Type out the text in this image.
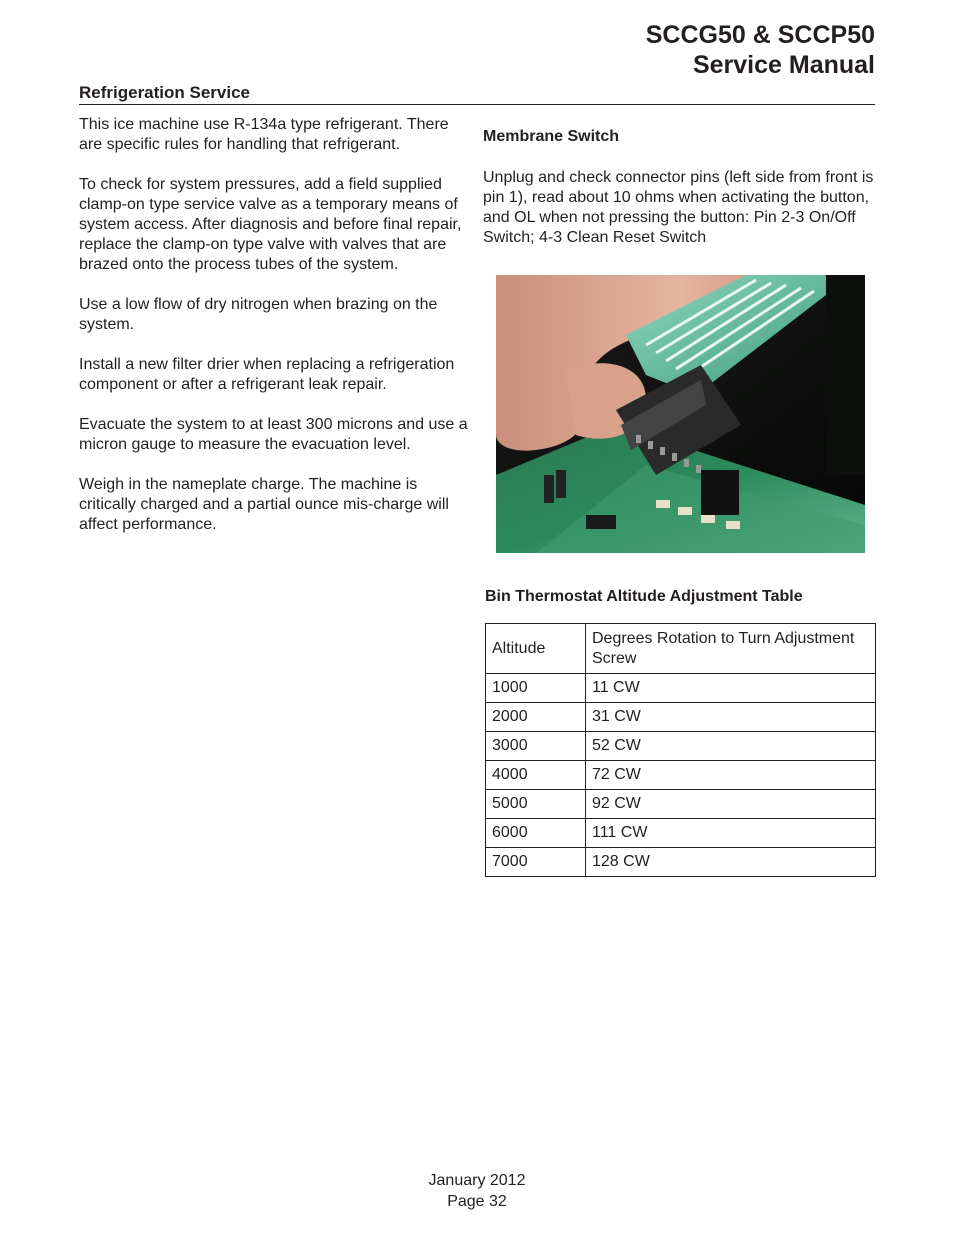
SCCG50 & SCCP50
Service Manual
Refrigeration Service

This ice machine use R-134a type refrigerant. There are specific rules for handling that refrigerant.

To check for system pressures, add a field supplied clamp-on type service valve as a temporary means of system access. After diagnosis and before final repair, replace the clamp-on type valve with valves that are brazed onto the process tubes of the system.

Use a low flow of dry nitrogen when brazing on the system.

Install a new filter drier when replacing a refrigeration component or after a refrigerant leak repair.

Evacuate the system to at least 300 microns and use a micron gauge to measure the evacuation level.

Weigh in the nameplate charge. The machine is critically charged and a partial ounce mis-charge will affect performance.

Membrane Switch

Unplug and check connector pins (left side from front is pin 1), read about 10 ohms when activating the button, and OL when not pressing the button: Pin 2-3 On/Off Switch; 4-3 Clean Reset Switch

Bin Thermostat Altitude Adjustment Table
Altitude	Degrees Rotation to Turn Adjustment Screw
1000	11 CW
2000	31 CW
3000	52 CW
4000	72 CW
5000	92 CW
6000	111 CW
7000	128 CW
January 2012
Page 32
